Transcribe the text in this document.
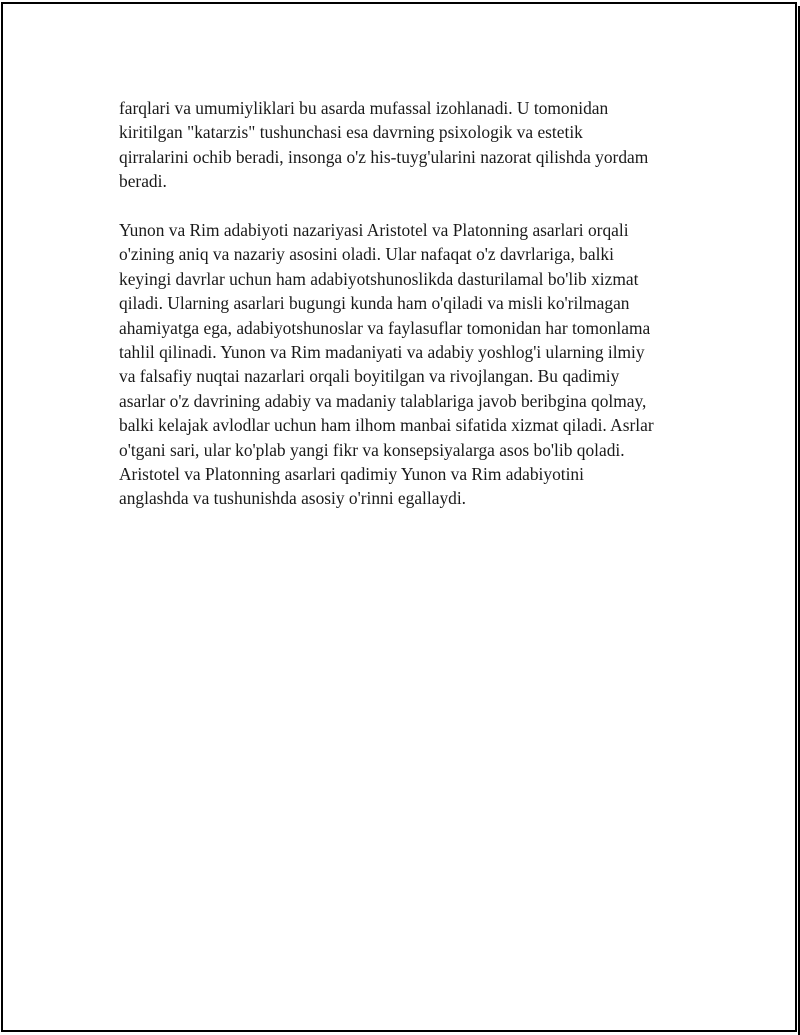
farqlari va umumiyliklari bu asarda mufassal izohlanadi. U tomonidan
kiritilgan "katarzis" tushunchasi esa davrning psixologik va estetik
qirralarini ochib beradi, insonga o'z his-tuyg'ularini nazorat qilishda yordam
beradi.

Yunon va Rim adabiyoti nazariyasi Aristotel va Platonning asarlari orqali
o'zining aniq va nazariy asosini oladi. Ular nafaqat o'z davrlariga, balki
keyingi davrlar uchun ham adabiyotshunoslikda dasturilamal bo'lib xizmat
qiladi. Ularning asarlari bugungi kunda ham o'qiladi va misli ko'rilmagan
ahamiyatga ega, adabiyotshunoslar va faylasuflar tomonidan har tomonlama
tahlil qilinadi. Yunon va Rim madaniyati va adabiy yoshlog'i ularning ilmiy
va falsafiy nuqtai nazarlari orqali boyitilgan va rivojlangan. Bu qadimiy
asarlar o'z davrining adabiy va madaniy talablariga javob beribgina qolmay,
balki kelajak avlodlar uchun ham ilhom manbai sifatida xizmat qiladi. Asrlar
o'tgani sari, ular ko'plab yangi fikr va konsepsiyalarga asos bo'lib qoladi.
Aristotel va Platonning asarlari qadimiy Yunon va Rim adabiyotini
anglashda va tushunishda asosiy o'rinni egallaydi.
